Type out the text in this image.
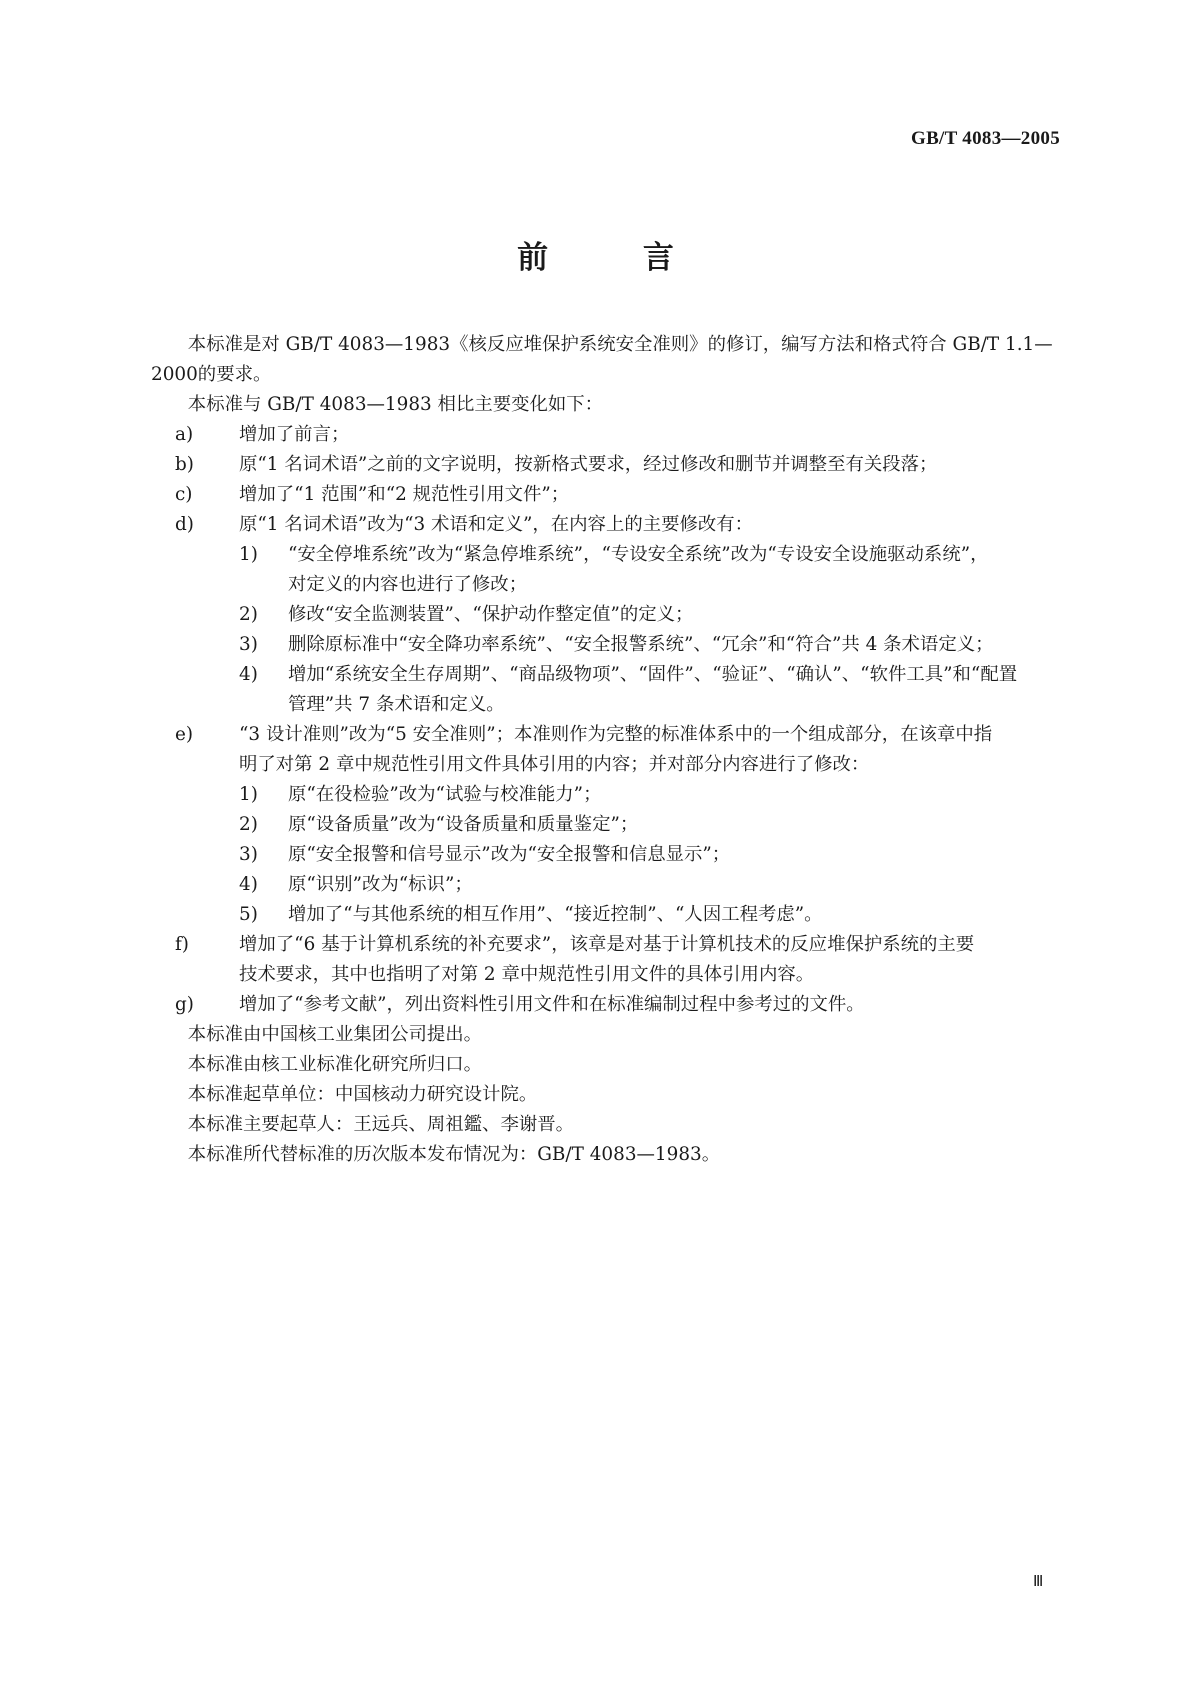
GB/T 4083—2005
前 言
本标准是对 GB/T 4083—1983《核反应堆保护系统安全准则》的修订，编写方法和格式符合 GB/T 1.1—2000的要求。
本标准与 GB/T 4083—1983 相比主要变化如下：
a) 增加了前言；
b) 原“1 名词术语”之前的文字说明，按新格式要求，经过修改和删节并调整至有关段落；
c)	增加了“1 范围”和“2 规范性引用文件”；
d) 原“1 名词术语”改为“3 术语和定义”，在内容上的主要修改有：
1) “安全停堆系统”改为“紧急停堆系统”，“专设安全系统”改为“专设安全设施驱动系统”，
对定义的内容也进行了修改；
2) 修改“安全监测装置”、“保护动作整定值”的定义；
3) 删除原标准中“安全降功率系统”、“安全报警系统”、“冗余”和“符合”共 4 条术语定义；
4) 增加“系统安全生存周期”、“商品级物项”、“固件”、“验证”、“确认”、“软件工具”和“配置
管理”共 7 条术语和定义。
e) “3 设计准则”改为“5 安全准则”；本准则作为完整的标准体系中的一个组成部分，在该章中指
明了对第 2 章中规范性引用文件具体引用的内容；并对部分内容进行了修改：
1) 原“在役检验”改为“试验与校准能力”；
2) 原“设备质量”改为“设备质量和质量鉴定”；
3) 原“安全报警和信号显示”改为“安全报警和信息显示”；
4) 原“识别”改为“标识”；
5) 增加了“与其他系统的相互作用”、“接近控制”、“人因工程考虑”。
f)	增加了“6 基于计算机系统的补充要求”，该章是对基于计算机技术的反应堆保护系统的主要
技术要求，其中也指明了对第 2 章中规范性引用文件的具体引用内容。
g) 增加了“参考文献”，列出资料性引用文件和在标准编制过程中参考过的文件。
本标准由中国核工业集团公司提出。
本标准由核工业标准化研究所归口。
本标准起草单位：中国核动力研究设计院。
本标准主要起草人：王远兵、周祖鑑、李谢晋。
本标准所代替标准的历次版本发布情况为：GB/T 4083—1983。
Ⅲ
